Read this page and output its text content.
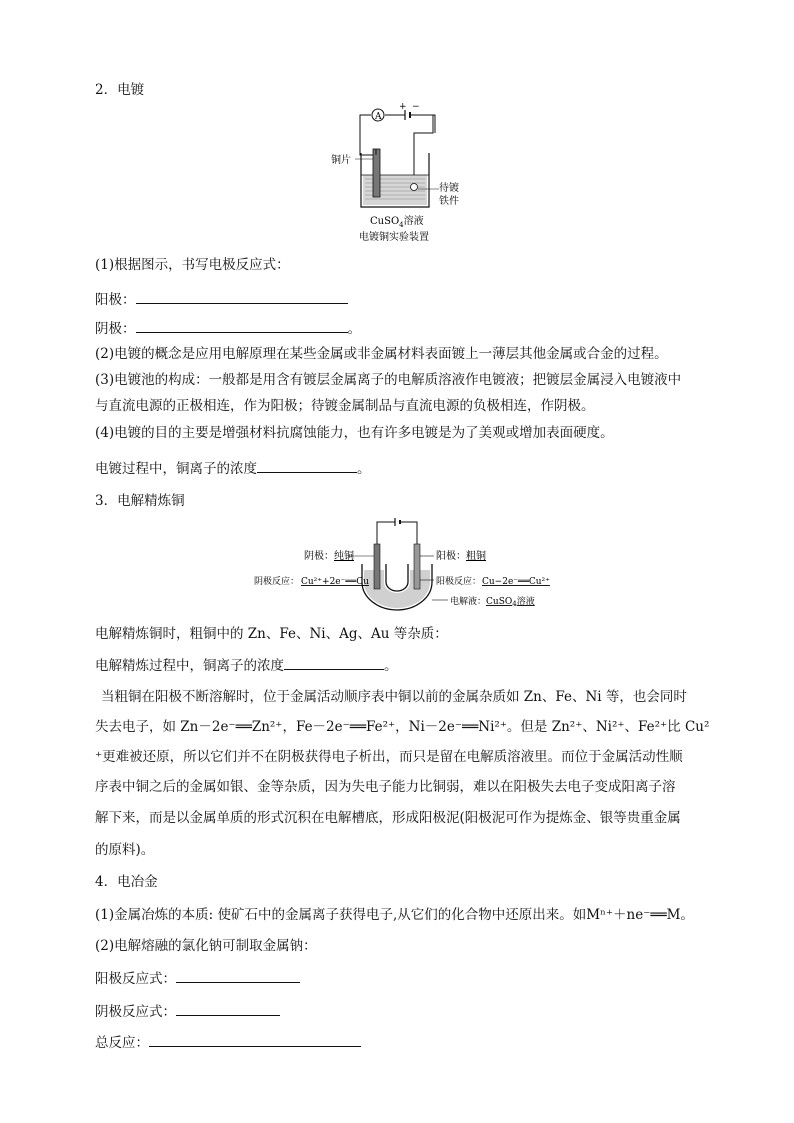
2．电镀
+ −
A
铜片
待镀
铁件
CuSO$_4$溶液
电镀铜实验装置
(1)根据图示，书写电极反应式：
阳极：
阴极：	。
(2)电镀的概念是应用电解原理在某些金属或非金属材料表面镀上一薄层其他金属或合金的过程。
(3)电镀池的构成：一般都是用含有镀层金属离子的电解质溶液作电镀液；把镀层金属浸入电镀液中
与直流电源的正极相连，作为阳极；待镀金属制品与直流电源的负极相连，作阴极。
(4)电镀的目的主要是增强材料抗腐蚀能力，也有许多电镀是为了美观或增加表面硬度。
电镀过程中，铜离子的浓度	。
3．电解精炼铜
阴极：纯铜
阴极反应： Cu²⁺+2e⁻══Cu
阳极：粗铜
阳极反应： Cu−2e⁻══Cu²⁺
电解液：CuSO$_4$溶液
电解精炼铜时，粗铜中的 Zn、Fe、Ni、Ag、Au 等杂质：
电解精炼过程中，铜离子的浓度	。
当粗铜在阳极不断溶解时，位于金属活动顺序表中铜以前的金属杂质如 Zn、Fe、Ni 等，也会同时
失去电子，如 Zn－2e⁻══Zn²⁺，Fe－2e⁻══Fe²⁺，Ni－2e⁻══Ni²⁺。但是 Zn²⁺、Ni²⁺、Fe²⁺比 Cu²
⁺更难被还原，所以它们并不在阴极获得电子析出，而只是留在电解质溶液里。而位于金属活动性顺
序表中铜之后的金属如银、金等杂质，因为失电子能力比铜弱，难以在阳极失去电子变成阳离子溶
解下来，而是以金属单质的形式沉积在电解槽底，形成阳极泥(阳极泥可作为提炼金、银等贵重金属
的原料)。
4．电冶金
(1)金属冶炼的本质: 使矿石中的金属离子获得电子,从它们的化合物中还原出来。如Mⁿ⁺＋ne⁻══M。
(2)电解熔融的氯化钠可制取金属钠：
阳极反应式：
阴极反应式：
总反应：
